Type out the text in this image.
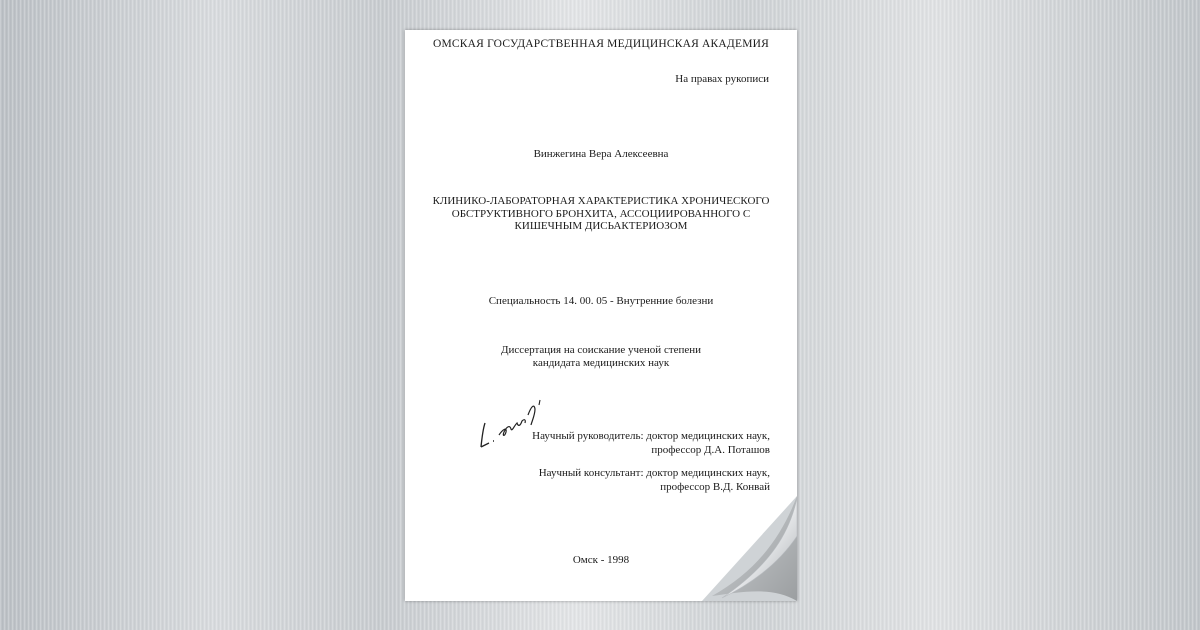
ОМСКАЯ ГОСУДАРСТВЕННАЯ МЕДИЦИНСКАЯ АКАДЕМИЯ
На правах рукописи
Винжегина Вера Алексеевна
КЛИНИКО-ЛАБОРАТОРНАЯ ХАРАКТЕРИСТИКА ХРОНИЧЕСКОГО
ОБСТРУКТИВНОГО БРОНХИТА, АССОЦИИРОВАННОГО С
КИШЕЧНЫМ ДИСЬАКТЕРИОЗОМ
Специальность 14. 00. 05 - Внутренние болезни
Диссертация на соискание ученой степени
кандидата медицинских наук
Научный руководитель: доктор медицинских наук,
профессор Д.А. Поташов
Научный консультант: доктор медицинских наук,
профессор В.Д. Конвай
Омск - 1998
